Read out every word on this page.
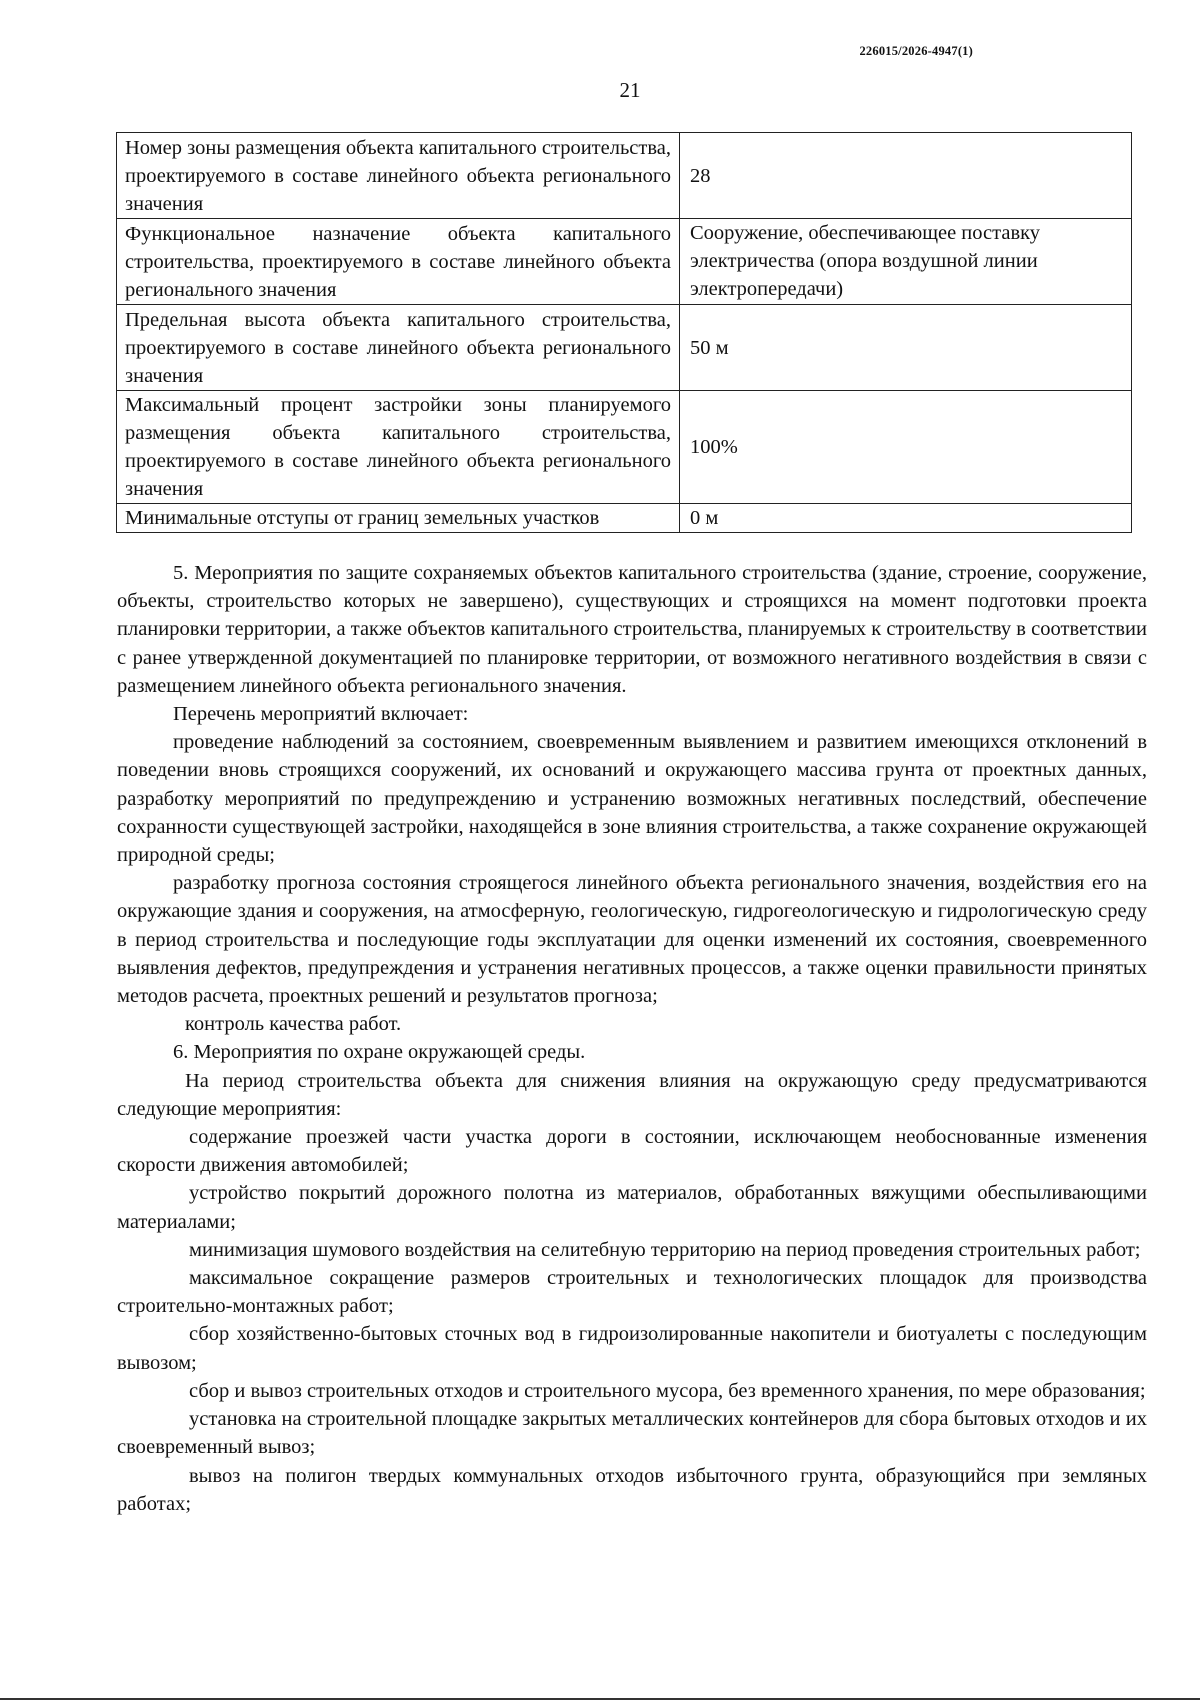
226015/2026-4947(1)
21
Номер зоны размещения объекта капитального строительства, проектируемого в составе линейного объекта регионального значения	28
Функциональное назначение объекта капитального строительства, проектируемого в составе линейного объекта регионального значения	Сооружение, обеспечивающее поставку электричества (опора воздушной линии электропередачи)
Предельная высота объекта капитального строительства, проектируемого в составе линейного объекта регионального значения	50 м
Максимальный процент застройки зоны планируемого размещения объекта капитального строительства, проектируемого в составе линейного объекта регионального значения	100%
Минимальные отступы от границ земельных участков	0 м

5. Мероприятия по защите сохраняемых объектов капитального строительства (здание, строение, сооружение, объекты, строительство которых не завершено), существующих и строящихся на момент подготовки проекта планировки территории, а также объектов капитального строительства, планируемых к строительству в соответствии с ранее утвержденной документацией по планировке территории, от возможного негативного воздействия в связи с размещением линейного объекта регионального значения.

Перечень мероприятий включает:

проведение наблюдений за состоянием, своевременным выявлением и развитием имеющихся отклонений в поведении вновь строящихся сооружений, их оснований и окружающего массива грунта от проектных данных, разработку мероприятий по предупреждению и устранению возможных негативных последствий, обеспечение сохранности существующей застройки, находящейся в зоне влияния строительства, а также сохранение окружающей природной среды;

разработку прогноза состояния строящегося линейного объекта регионального значения, воздействия его на окружающие здания и сооружения, на атмосферную, геологическую, гидрогеологическую и гидрологическую среду в период строительства и последующие годы эксплуатации для оценки изменений их состояния, своевременного выявления дефектов, предупреждения и устранения негативных процессов, а также оценки правильности принятых методов расчета, проектных решений и результатов прогноза;

контроль качества работ.

6. Мероприятия по охране окружающей среды.

На период строительства объекта для снижения влияния на окружающую среду предусматриваются следующие мероприятия:

содержание проезжей части участка дороги в состоянии, исключающем необоснованные изменения скорости движения автомобилей;

устройство покрытий дорожного полотна из материалов, обработанных вяжущими обеспыливающими материалами;

минимизация шумового воздействия на селитебную территорию на период проведения строительных работ;

максимальное сокращение размеров строительных и технологических площадок для производства строительно-монтажных работ;

сбор хозяйственно-бытовых сточных вод в гидроизолированные накопители и биотуалеты с последующим вывозом;

сбор и вывоз строительных отходов и строительного мусора, без временного хранения, по мере образования;

установка на строительной площадке закрытых металлических контейнеров для сбора бытовых отходов и их своевременный вывоз;

вывоз на полигон твердых коммунальных отходов избыточного грунта, образующийся при земляных работах;
